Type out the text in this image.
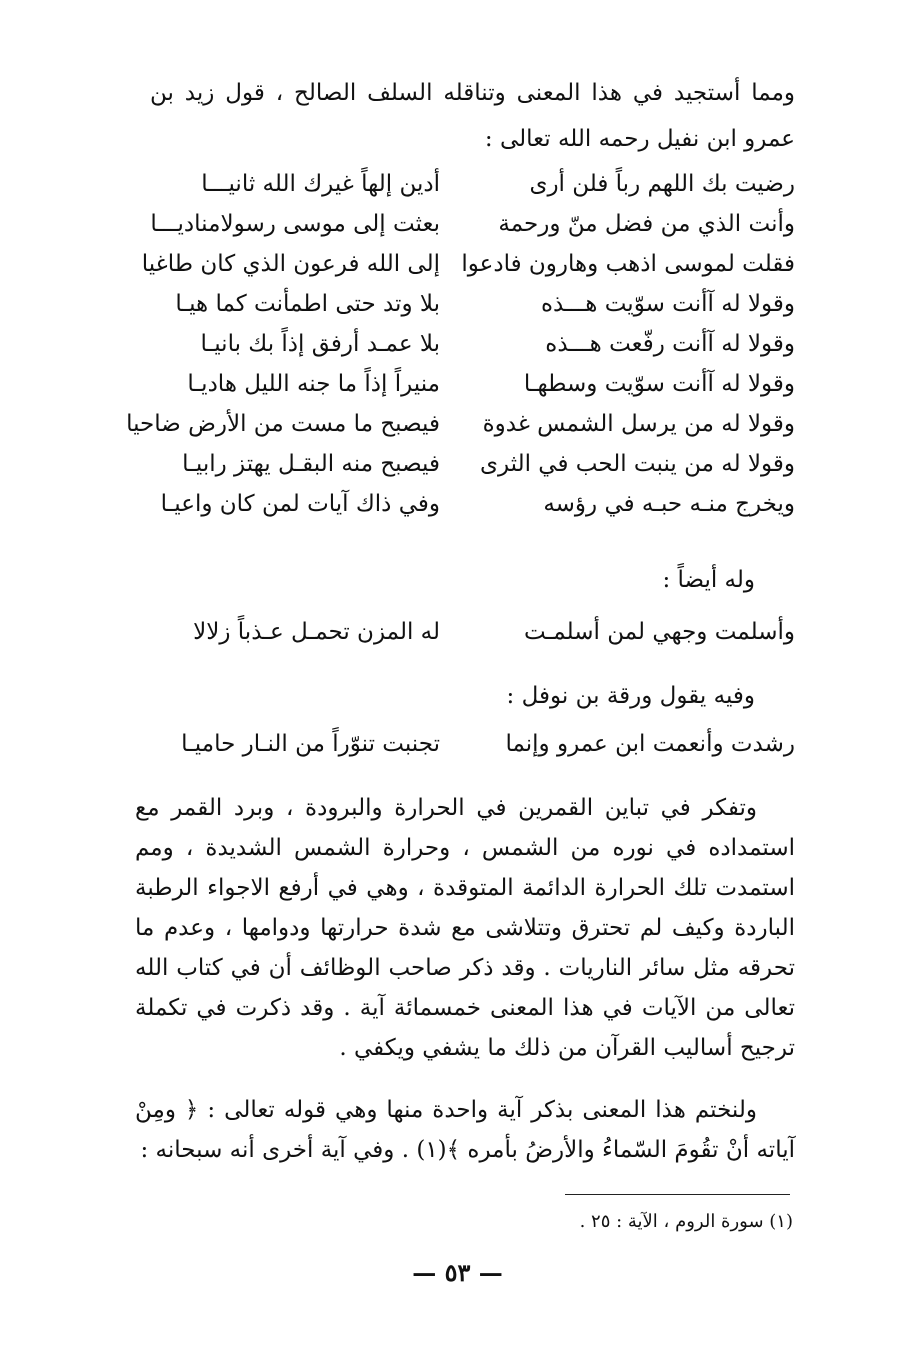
ومما أستجيد في هذا المعنى وتناقله السلف الصالح ، قول زيد بن عمرو ابن نفيل رحمه الله تعالى :
رضيت بك اللهم رباً فلن أرى
أدين إلهاً غيرك الله ثانيـــا
وأنت الذي من فضل منّ ورحمة
بعثت إلى موسى رسولامناديـــا
فقلت لموسى اذهب وهارون فادعوا
إلى الله فرعون الذي كان طاغيا
وقولا له آأنت سوّيت هـــذه
بلا وتد حتى اطمأنت كما هيـا
وقولا له آأنت رفّعت هـــذه
بلا عمـد أرفق إذاً بك بانيـا
وقولا له آأنت سوّيت وسطهـا
منيراً إذاً ما جنه الليل هاديـا
وقولا له من يرسل الشمس غدوة
فيصبح ما مست من الأرض ضاحيا
وقولا له من ينبت الحب في الثرى
فيصبح منه البقـل يهتز رابيـا
ويخرج منـه حبـه في رؤسه
وفي ذاك آيات لمن كان واعيـا
وله أيضاً :
وأسلمت وجهي لمن أسلمـت
له المزن تحمـل عـذباً زلالا
وفيه يقول ورقة بن نوفل :
رشدت وأنعمت ابن عمرو وإنما
تجنبت تنوّراً من النـار حاميـا

وتفكر في تباين القمرين في الحرارة والبرودة ، وبرد القمر مع استمداده في نوره من الشمس ، وحرارة الشمس الشديدة ، ومم استمدت تلك الحرارة الدائمة المتوقدة ، وهي في أرفع الاجواء الرطبة الباردة وكيف لم تحترق وتتلاشى مع شدة حرارتها ودوامها ، وعدم ما تحرقه مثل سائر الناريات . وقد ذكر صاحب الوظائف أن في كتاب الله تعالى من الآيات في هذا المعنى خمسمائة آية . وقد ذكرت في تكملة ترجيح أساليب القرآن من ذلك ما يشفي ويكفي .

ولنختم هذا المعنى بذكر آية واحدة منها وهي قوله تعالى : ﴿ ومِنْ آياته أنْ تقُومَ السّماءُ والأرضُ بأمره ﴾(١) . وفي آية أخرى أنه سبحانه :

(١) سورة الروم ، الآية : ٢٥ .
— ٥٣ —
